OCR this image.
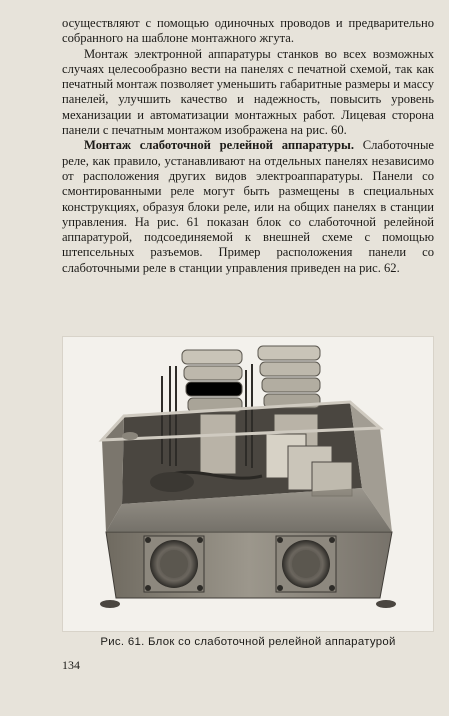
осуществляют с помощью одиночных проводов и предварительно собранного на шаблоне монтажного жгута.

Монтаж электронной аппаратуры станков во всех возможных случаях целесообразно вести на панелях с печатной схемой, так как печатный монтаж позволяет уменьшить габаритные размеры и массу панелей, улучшить качество и надежность, повысить уровень механизации и автоматизации монтажных работ. Лицевая сторона панели с печатным монтажом изображена на рис. 60.

Монтаж слаботочной релейной аппаратуры. Слаботочные реле, как правило, устанавливают на отдельных панелях независимо от расположения других видов электроаппаратуры. Панели со смонтированными реле могут быть размещены в специальных конструкциях, образуя блоки реле, или на общих панелях в станции управления. На рис. 61 показан блок со слаботочной релейной аппаратурой, подсоединяемой к внешней схеме с помощью штепсельных разъемов. Пример расположения панели со слаботочными реле в станции управления приведен на рис. 62.

Рис. 61. Блок со слаботочной релейной аппаратурой
134
